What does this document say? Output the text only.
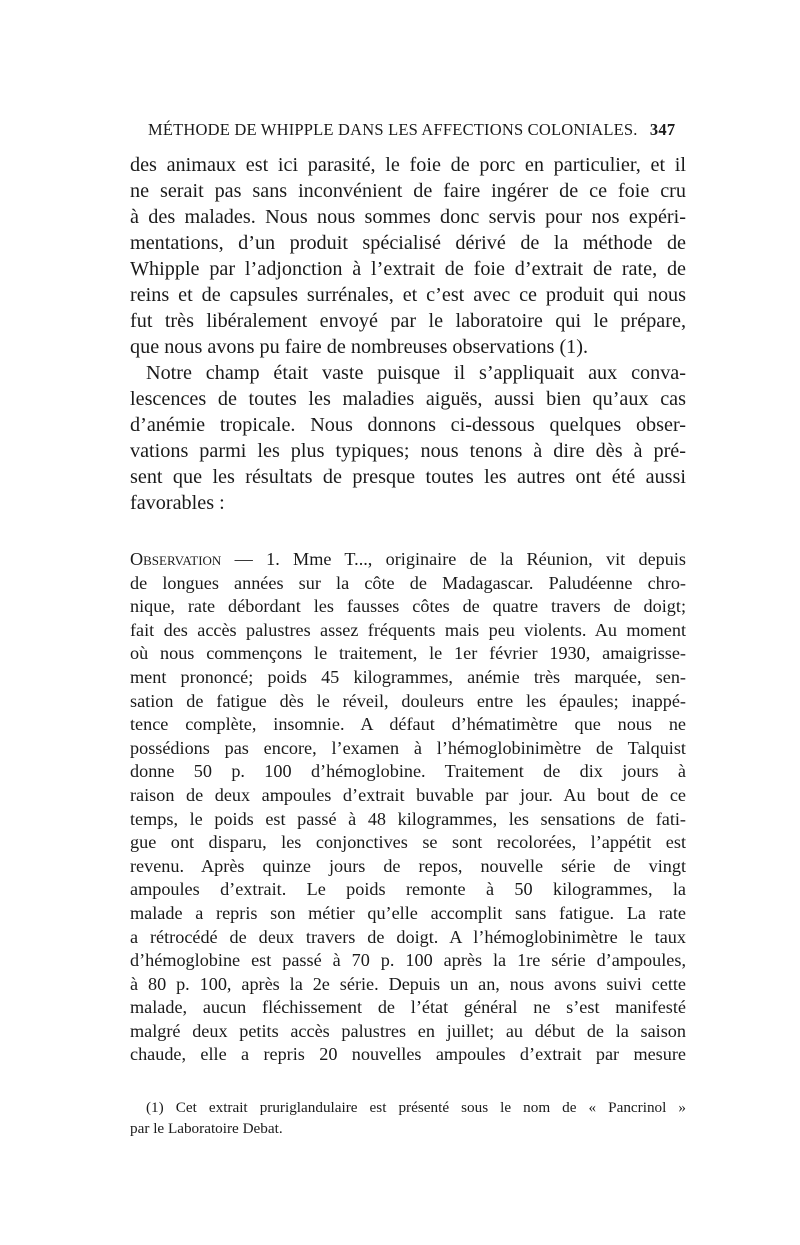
MÉTHODE DE WHIPPLE DANS LES AFFECTIONS COLONIALES. 347
des animaux est ici parasité, le foie de porc en particulier, et il
ne serait pas sans inconvénient de faire ingérer de ce foie cru
à des malades. Nous nous sommes donc servis pour nos expéri-
mentations, d’un produit spécialisé dérivé de la méthode de
Whipple par l’adjonction à l’extrait de foie d’extrait de rate, de
reins et de capsules surrénales, et c’est avec ce produit qui nous
fut très libéralement envoyé par le laboratoire qui le prépare,
que nous avons pu faire de nombreuses observations (1).
Notre champ était vaste puisque il s’appliquait aux conva-
lescences de toutes les maladies aiguës, aussi bien qu’aux cas
d’anémie tropicale. Nous donnons ci-dessous quelques obser-
vations parmi les plus typiques; nous tenons à dire dès à pré-
sent que les résultats de presque toutes les autres ont été aussi
favorables :
Observation — 1. Mme T..., originaire de la Réunion, vit depuis
de longues années sur la côte de Madagascar. Paludéenne chro-
nique, rate débordant les fausses côtes de quatre travers de doigt;
fait des accès palustres assez fréquents mais peu violents. Au moment
où nous commençons le traitement, le 1er février 1930, amaigrisse-
ment prononcé; poids 45 kilogrammes, anémie très marquée, sen-
sation de fatigue dès le réveil, douleurs entre les épaules; inappé-
tence complète, insomnie. A défaut d’hématimètre que nous ne
possédions pas encore, l’examen à l’hémoglobinimètre de Talquist
donne 50 p. 100 d’hémoglobine. Traitement de dix jours à
raison de deux ampoules d’extrait buvable par jour. Au bout de ce
temps, le poids est passé à 48 kilogrammes, les sensations de fati-
gue ont disparu, les conjonctives se sont recolorées, l’appétit est
revenu. Après quinze jours de repos, nouvelle série de vingt
ampoules d’extrait. Le poids remonte à 50 kilogrammes, la
malade a repris son métier qu’elle accomplit sans fatigue. La rate
a rétrocédé de deux travers de doigt. A l’hémoglobinimètre le taux
d’hémoglobine est passé à 70 p. 100 après la 1re série d’ampoules,
à 80 p. 100, après la 2e série. Depuis un an, nous avons suivi cette
malade, aucun fléchissement de l’état général ne s’est manifesté
malgré deux petits accès palustres en juillet; au début de la saison
chaude, elle a repris 20 nouvelles ampoules d’extrait par mesure
(1) Cet extrait pruriglandulaire est présenté sous le nom de « Pancrinol »
par le Laboratoire Debat.
